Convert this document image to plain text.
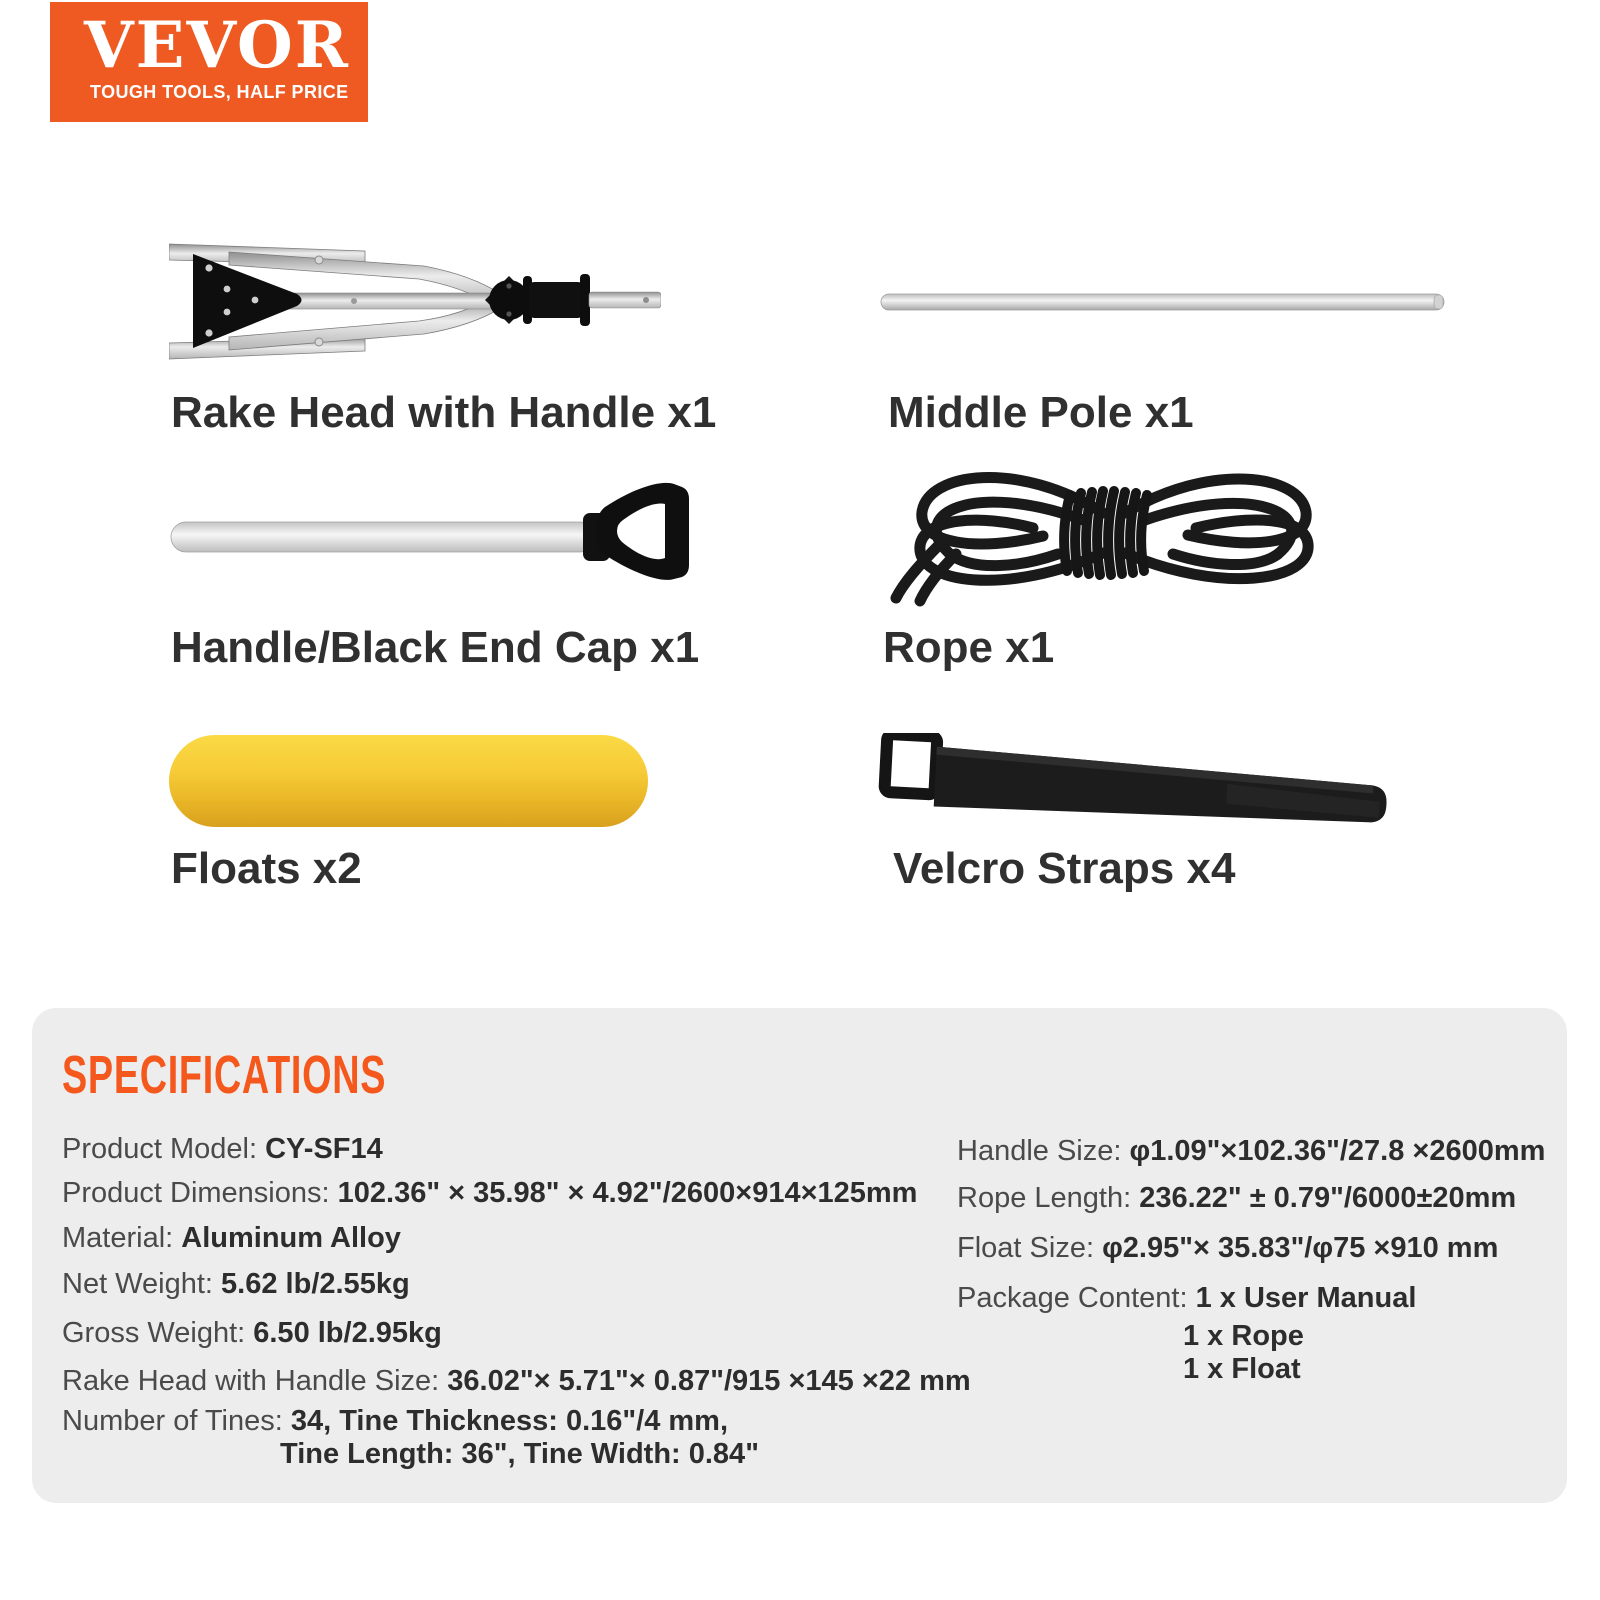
VEVOR
TOUGH TOOLS, HALF PRICE
Rake Head with Handle x1	Middle Pole x1
Handle/Black End Cap x1	Rope x1
Floats x2	Velcro Straps x4
SPECIFICATIONS
Product Model: CY-SF14
Product Dimensions: 102.36" × 35.98" × 4.92"/2600×914×125mm
Material: Aluminum Alloy
Net Weight: 5.62 lb/2.55kg
Gross Weight: 6.50 lb/2.95kg
Rake Head with Handle Size: 36.02"× 5.71"× 0.87"/915 ×145 ×22 mm
Number of Tines: 34, Tine Thickness: 0.16"/4 mm,
Tine Length: 36", Tine Width: 0.84"
Handle Size: φ1.09"×102.36"/27.8 ×2600mm
Rope Length: 236.22" ± 0.79"/6000±20mm
Float Size: φ2.95"× 35.83"/φ75 ×910 mm
Package Content: 1 x User Manual
1 x Rope
1 x Float
